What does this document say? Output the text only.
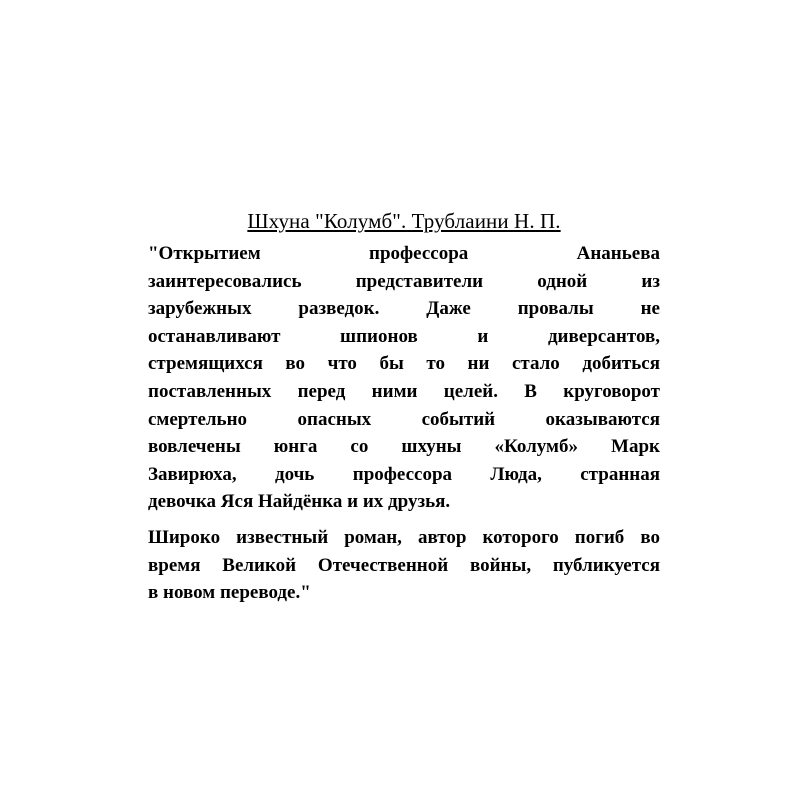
Шхуна "Колумб". Трублаини Н. П.
"Открытием профессора Ананьева
заинтересовались представители одной из
зарубежных разведок. Даже провалы не
останавливают шпионов и диверсантов,
стремящихся во что бы то ни стало добиться
поставленных перед ними целей. В круговорот
смертельно опасных событий оказываются
вовлечены юнга со шхуны «Колумб» Марк
Завирюха, дочь профессора Люда, странная
девочка Яся Найдёнка и их друзья.
Широко известный роман, автор которого погиб во
время Великой Отечественной войны, публикуется
в новом переводе."
